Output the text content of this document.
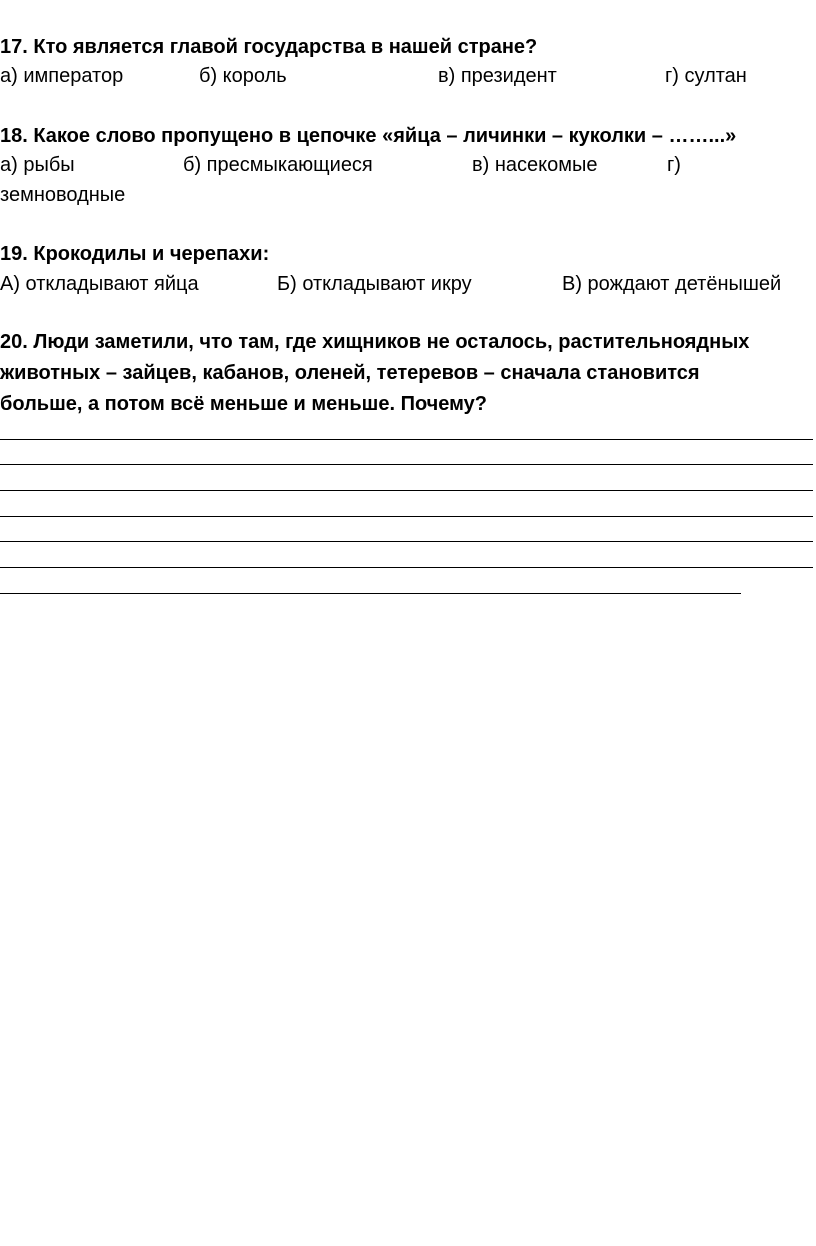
17. Кто является главой государства в нашей стране?
а) император	б) король	в) президент	г) султан
18. Какое слово пропущено в цепочке «яйца – личинки – куколки – ……...»
а) рыбы	б) пресмыкающиеся	в) насекомые	г)
земноводные
19. Крокодилы и черепахи:
А) откладывают яйца	Б) откладывают икру	В) рождают детёнышей
20. Люди заметили, что там, где хищников не осталось, растительноядных
животных – зайцев, кабанов, оленей, тетеревов – сначала становится
больше, а потом всё меньше и меньше. Почему?
